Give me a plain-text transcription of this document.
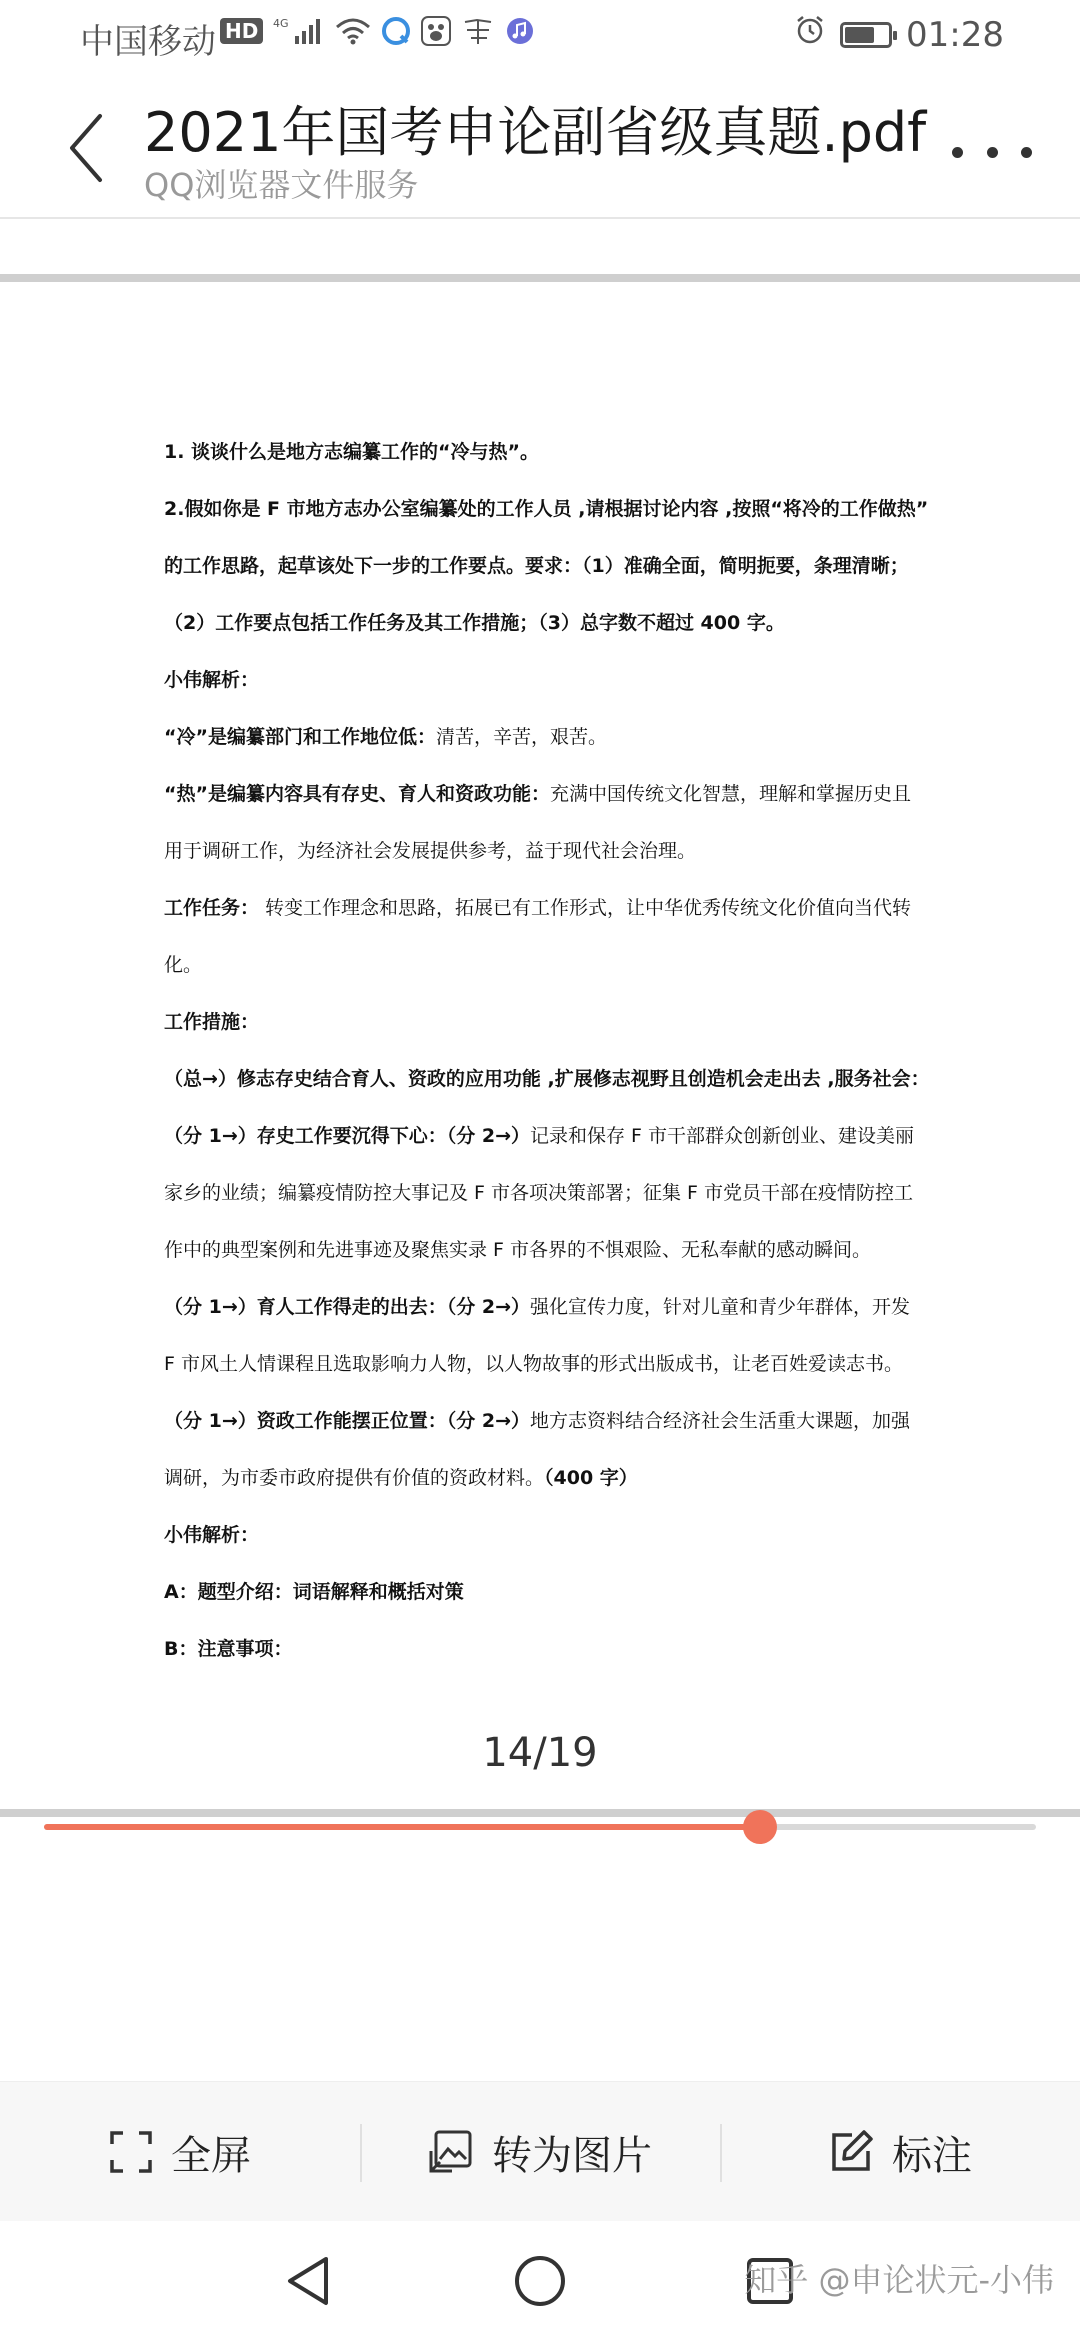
中国移动 HD	4G	01:28
2021年国考申论副省级真题.pdf
QQ浏览器文件服务
1. 谈谈什么是地方志编纂工作的“冷与热”。
2.假如你是 F 市地方志办公室编纂处的工作人员 ,请根据讨论内容 ,按照“将冷的工作做热”
的工作思路，起草该处下一步的工作要点。要求：（1）准确全面，简明扼要，条理清晰；
（2）工作要点包括工作任务及其工作措施；（3）总字数不超过 400 字。
小伟解析：
“冷”是编纂部门和工作地位低：清苦，辛苦，艰苦。
“热”是编纂内容具有存史、育人和资政功能：充满中国传统文化智慧，理解和掌握历史且
用于调研工作，为经济社会发展提供参考，益于现代社会治理。
工作任务： 转变工作理念和思路，拓展已有工作形式，让中华优秀传统文化价值向当代转
化。
工作措施：
（总→）修志存史结合育人、资政的应用功能 ,扩展修志视野且创造机会走出去 ,服务社会：
（分 1→）存史工作要沉得下心：（分 2→）记录和保存 F 市干部群众创新创业、建设美丽
家乡的业绩；编纂疫情防控大事记及 F 市各项决策部署；征集 F 市党员干部在疫情防控工
作中的典型案例和先进事迹及聚焦实录 F 市各界的不惧艰险、无私奉献的感动瞬间。
（分 1→）育人工作得走的出去：（分 2→）强化宣传力度，针对儿童和青少年群体，开发
F 市风土人情课程且选取影响力人物，以人物故事的形式出版成书，让老百姓爱读志书。
（分 1→）资政工作能摆正位置：（分 2→）地方志资料结合经济社会生活重大课题，加强
调研，为市委市政府提供有价值的资政材料。（400 字）
小伟解析：
A：题型介绍：词语解释和概括对策
B：注意事项：
14/19
全屏	转为图片	标注
知乎 @申论状元-小伟
